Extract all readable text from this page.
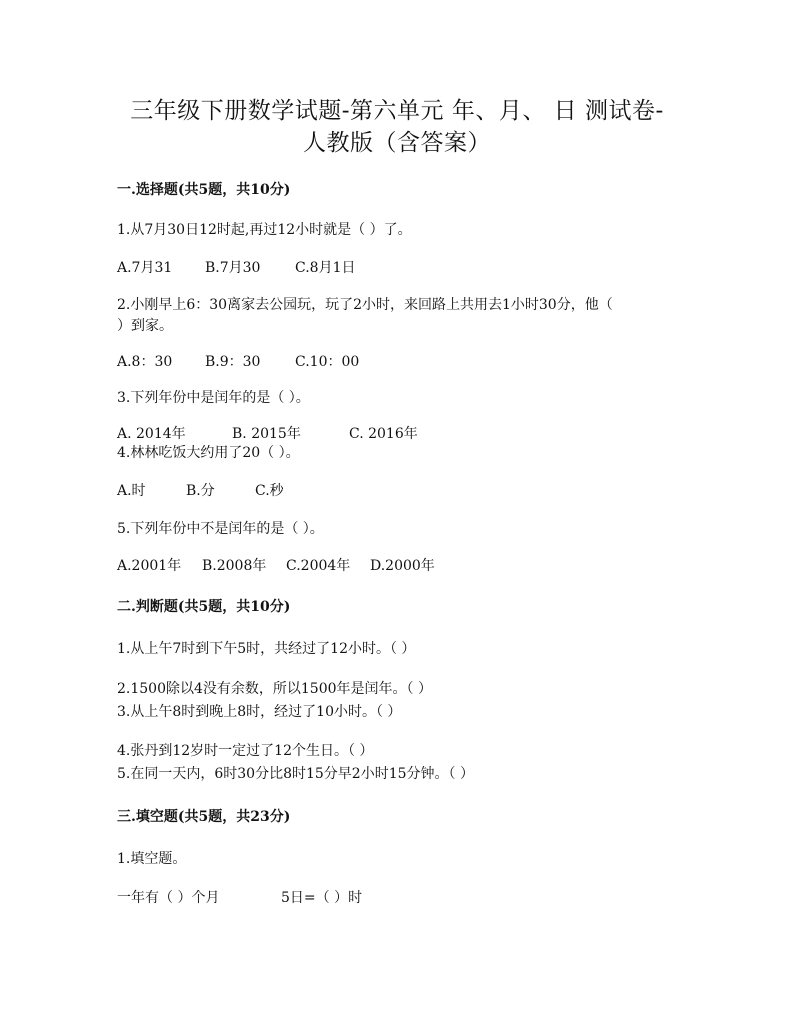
三年级下册数学试题-第六单元 年、月、 日 测试卷-
人教版（含答案）
一.选择题(共5题，共10分)
1.从7月30日12时起,再过12小时就是（ ）了。
A.7月31 B.7月30 C.8月1日
2.小刚早上6：30离家去公园玩，玩了2小时，来回路上共用去1小时30分，他（
）到家。
A.8：30 B.9：30 C.10：00
3.下列年份中是闰年的是（ ）。
A. 2014年	B. 2015年	C. 2016年
4.林林吃饭大约用了20（ ）。
A.时	B.分	C.秒
5.下列年份中不是闰年的是（ ）。
A.2001年 B.2008年 C.2004年 D.2000年
二.判断题(共5题，共10分)
1.从上午7时到下午5时，共经过了12小时。（ ）
2.1500除以4没有余数，所以1500年是闰年。（ ）
3.从上午8时到晚上8时，经过了10小时。（ ）
4.张丹到12岁时一定过了12个生日。（ ）
5.在同一天内，6时30分比8时15分早2小时15分钟。（ ）
三.填空题(共5题，共23分)
1.填空题。
一年有（ ）个月	5日=（ ）时
